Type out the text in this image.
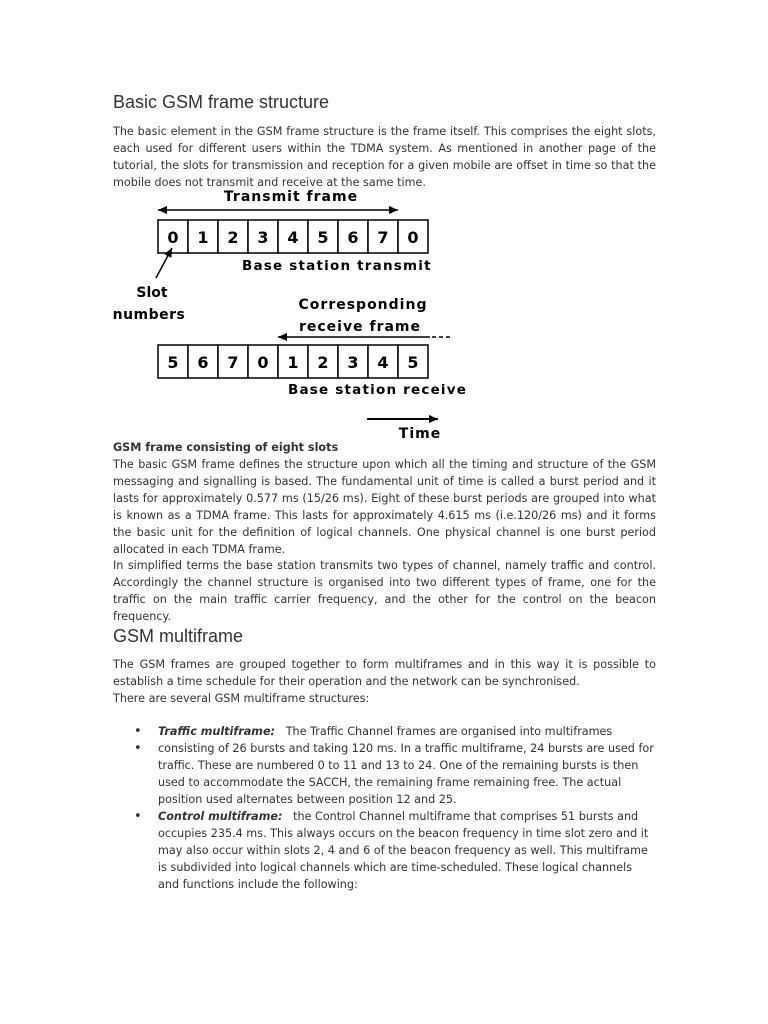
Basic GSM frame structure

The basic element in the GSM frame structure is the frame itself. This comprises the eight slots, each used for different users within the TDMA system. As mentioned in another page of the tutorial, the slots for transmission and reception for a given mobile are offset in time so that the mobile does not transmit and receive at the same time.

Transmit frame
0 1 2 3 4 5 6 7 0
Base station transmit
Slot
numbers
Corresponding
receive frame
5 6 7 0 1 2 3 4 5
Base station receive
Time

GSM frame consisting of eight slots

The basic GSM frame defines the structure upon which all the timing and structure of the GSM messaging and signalling is based. The fundamental unit of time is called a burst period and it lasts for approximately 0.577 ms (15/26 ms). Eight of these burst periods are grouped into what is known as a TDMA frame. This lasts for approximately 4.615 ms (i.e.120/26 ms) and it forms the basic unit for the definition of logical channels. One physical channel is one burst period allocated in each TDMA frame.

In simplified terms the base station transmits two types of channel, namely traffic and control. Accordingly the channel structure is organised into two different types of frame, one for the traffic on the main traffic carrier frequency, and the other for the control on the beacon frequency.

GSM multiframe

The GSM frames are grouped together to form multiframes and in this way it is possible to establish a time schedule for their operation and the network can be synchronised.

There are several GSM multiframe structures:

• Traffic multiframe: The Traffic Channel frames are organised into multiframes
• consisting of 26 bursts and taking 120 ms. In a traffic multiframe, 24 bursts are used for traffic. These are numbered 0 to 11 and 13 to 24. One of the remaining bursts is then used to accommodate the SACCH, the remaining frame remaining free. The actual position used alternates between position 12 and 25.
• Control multiframe: the Control Channel multiframe that comprises 51 bursts and occupies 235.4 ms. This always occurs on the beacon frequency in time slot zero and it may also occur within slots 2, 4 and 6 of the beacon frequency as well. This multiframe is subdivided into logical channels which are time-scheduled. These logical channels and functions include the following:
